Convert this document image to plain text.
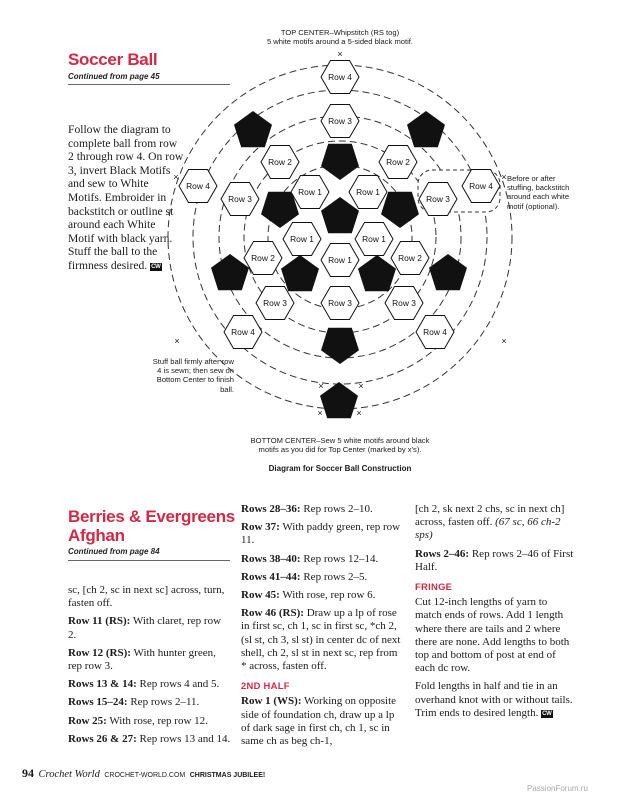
Soccer Ball
Continued from page 45
Follow the diagram to complete ball from row 2 through row 4. On row 3, invert Black Motifs and sew to White Motifs. Embroider in backstitch or outline st around each White Motif with black yarn. Stuff the ball to the firmness desired. CW
TOP CENTER–Whipstitch (RS tog)
5 white motifs around a 5-sided black motif.
Before or after stuffing, backstitch around each white motif (optional).
Stuff ball firmly after row 4 is sewn; then sew on Bottom Center to finish ball.
BOTTOM CENTER–Sew 5 white motifs around black
motifs as you did for Top Center (marked by x's).
Diagram for Soccer Ball Construction
Row 4
Row 3
Row 2	Row 2
Row 1	Row 1
Row 4
Row 3	Row 3
Row 4
Row 1	Row 1
Row 1
Row 2	Row 2
Row 3	Row 3	Row 3
Row 4	Row 4
×
×	×
×	×
×	×
×	×
Berries & Evergreens
Afghan
Continued from page 84

sc, [ch 2, sc in next sc] across, turn, fasten off.

Row 11 (RS): With claret, rep row 2.

Row 12 (RS): With hunter green, rep row 3.

Rows 13 & 14: Rep rows 4 and 5.

Rows 15–24: Rep rows 2–11.

Row 25: With rose, rep row 12.

Rows 26 & 27: Rep rows 13 and 14.

Rows 28–36: Rep rows 2–10.

Row 37: With paddy green, rep row 11.

Rows 38–40: Rep rows 12–14.

Rows 41–44: Rep rows 2–5.

Row 45: With rose, rep row 6.

Row 46 (RS): Draw up a lp of rose in first sc, ch 1, sc in first sc, *ch 2, (sl st, ch 3, sl st) in center dc of next shell, ch 2, sl st in next sc, rep from * across, fasten off.

2ND HALF

Row 1 (WS): Working on opposite side of foundation ch, draw up a lp of dark sage in first ch, ch 1, sc in same ch as beg ch-1,

[ch 2, sk next 2 chs, sc in next ch] across, fasten off. (67 sc, 66 ch-2 sps)

Rows 2–46: Rep rows 2–46 of First Half.

FRINGE

Cut 12-inch lengths of yarn to match ends of rows. Add 1 length where there are tails and 2 where there are none. Add lengths to both top and bottom of post at end of each dc row.

Fold lengths in half and tie in an overhand knot with or without tails. Trim ends to desired length. CW

94 Crochet World CROCHET-WORLD.COM CHRISTMAS JUBILEE!
PassionForum.ru
